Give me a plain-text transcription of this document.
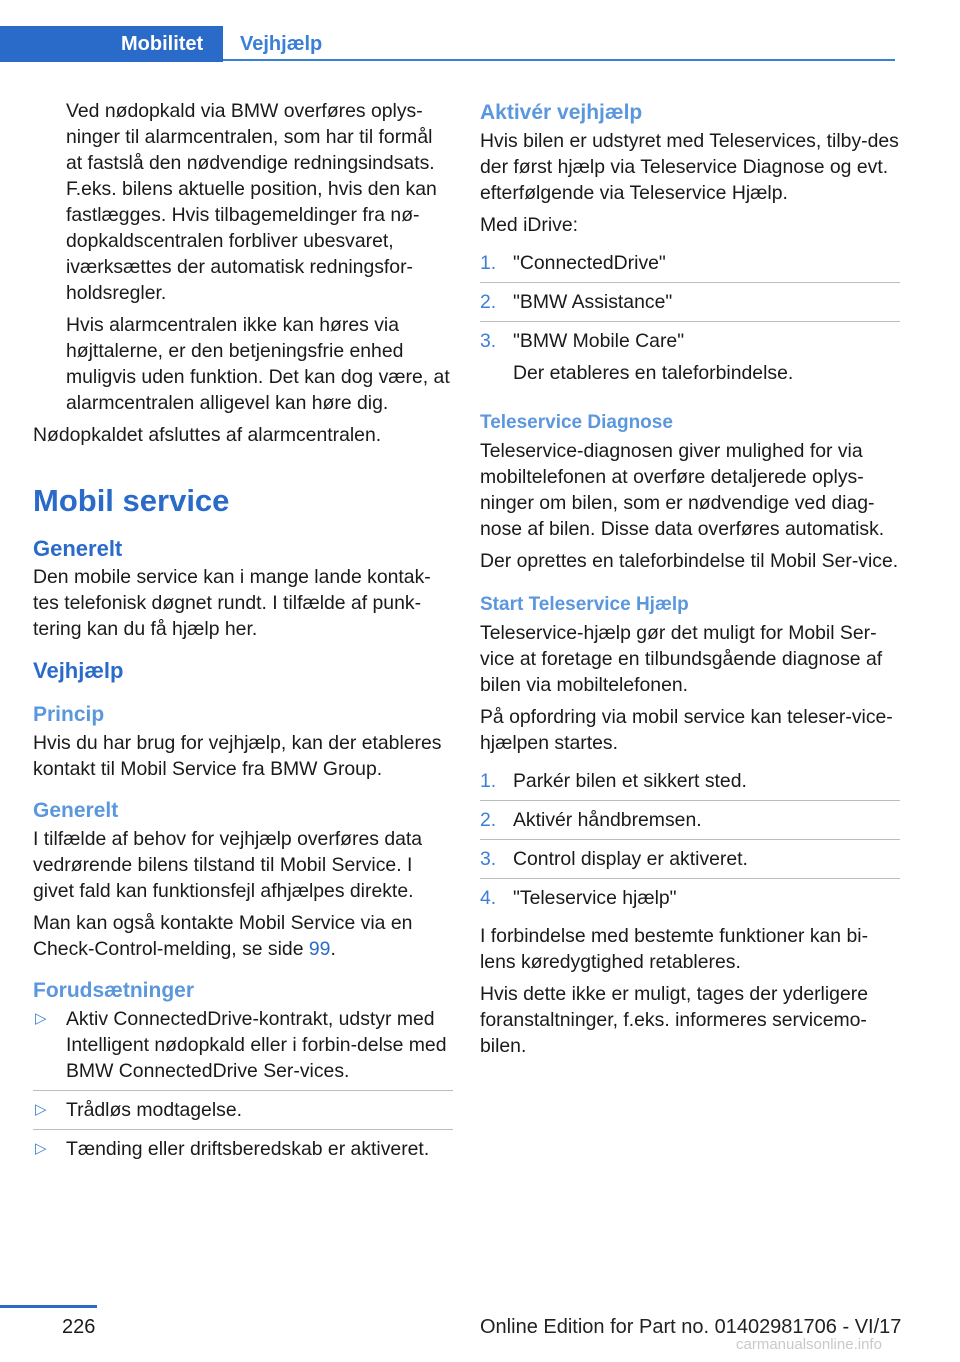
Mobilitet	Vejhjælp

Ved nødopkald via BMW overføres oplys-ninger til alarmcentralen, som har til formål at fastslå den nødvendige redningsindsats. F.eks. bilens aktuelle position, hvis den kan fastlægges. Hvis tilbagemeldinger fra nø-dopkaldscentralen forbliver ubesvaret, iværksættes der automatisk redningsfor-holdsregler.

Hvis alarmcentralen ikke kan høres via højttalerne, er den betjeningsfrie enhed muligvis uden funktion. Det kan dog være, at alarmcentralen alligevel kan høre dig.

Nødopkaldet afsluttes af alarmcentralen.

Mobil service
Generelt

Den mobile service kan i mange lande kontak-tes telefonisk døgnet rundt. I tilfælde af punk-tering kan du få hjælp her.

Vejhjælp
Princip

Hvis du har brug for vejhjælp, kan der etableres kontakt til Mobil Service fra BMW Group.

Generelt

I tilfælde af behov for vejhjælp overføres data vedrørende bilens tilstand til Mobil Service. I givet fald kan funktionsfejl afhjælpes direkte.

Man kan også kontakte Mobil Service via en Check-Control-melding, se side 99.

Forudsætninger
▷ Aktiv ConnectedDrive-kontrakt, udstyr med Intelligent nødopkald eller i forbin-delse med BMW ConnectedDrive Ser-vices.
▷ Trådløs modtagelse.
▷ Tænding eller driftsberedskab er aktiveret.
Aktivér vejhjælp

Hvis bilen er udstyret med Teleservices, tilby-des der først hjælp via Teleservice Diagnose og evt. efterfølgende via Teleservice Hjælp.

Med iDrive:

1. "ConnectedDrive"
2. "BMW Assistance"
3. "BMW Mobile Care"
Der etableres en taleforbindelse.
Teleservice Diagnose

Teleservice-diagnosen giver mulighed for via mobiltelefonen at overføre detaljerede oplys-ninger om bilen, som er nødvendige ved diag-nose af bilen. Disse data overføres automatisk.

Der oprettes en taleforbindelse til Mobil Ser-vice.

Start Teleservice Hjælp

Teleservice-hjælp gør det muligt for Mobil Ser-vice at foretage en tilbundsgående diagnose af bilen via mobiltelefonen.

På opfordring via mobil service kan teleser-vice-hjælpen startes.

1. Parkér bilen et sikkert sted.
2. Aktivér håndbremsen.
3. Control display er aktiveret.
4. "Teleservice hjælp"

I forbindelse med bestemte funktioner kan bi-lens køredygtighed retableres.

Hvis dette ikke er muligt, tages der yderligere foranstaltninger, f.eks. informeres servicemo-bilen.

226	Online Edition for Part no. 01402981706 - VI/17
carmanualsonline.info
